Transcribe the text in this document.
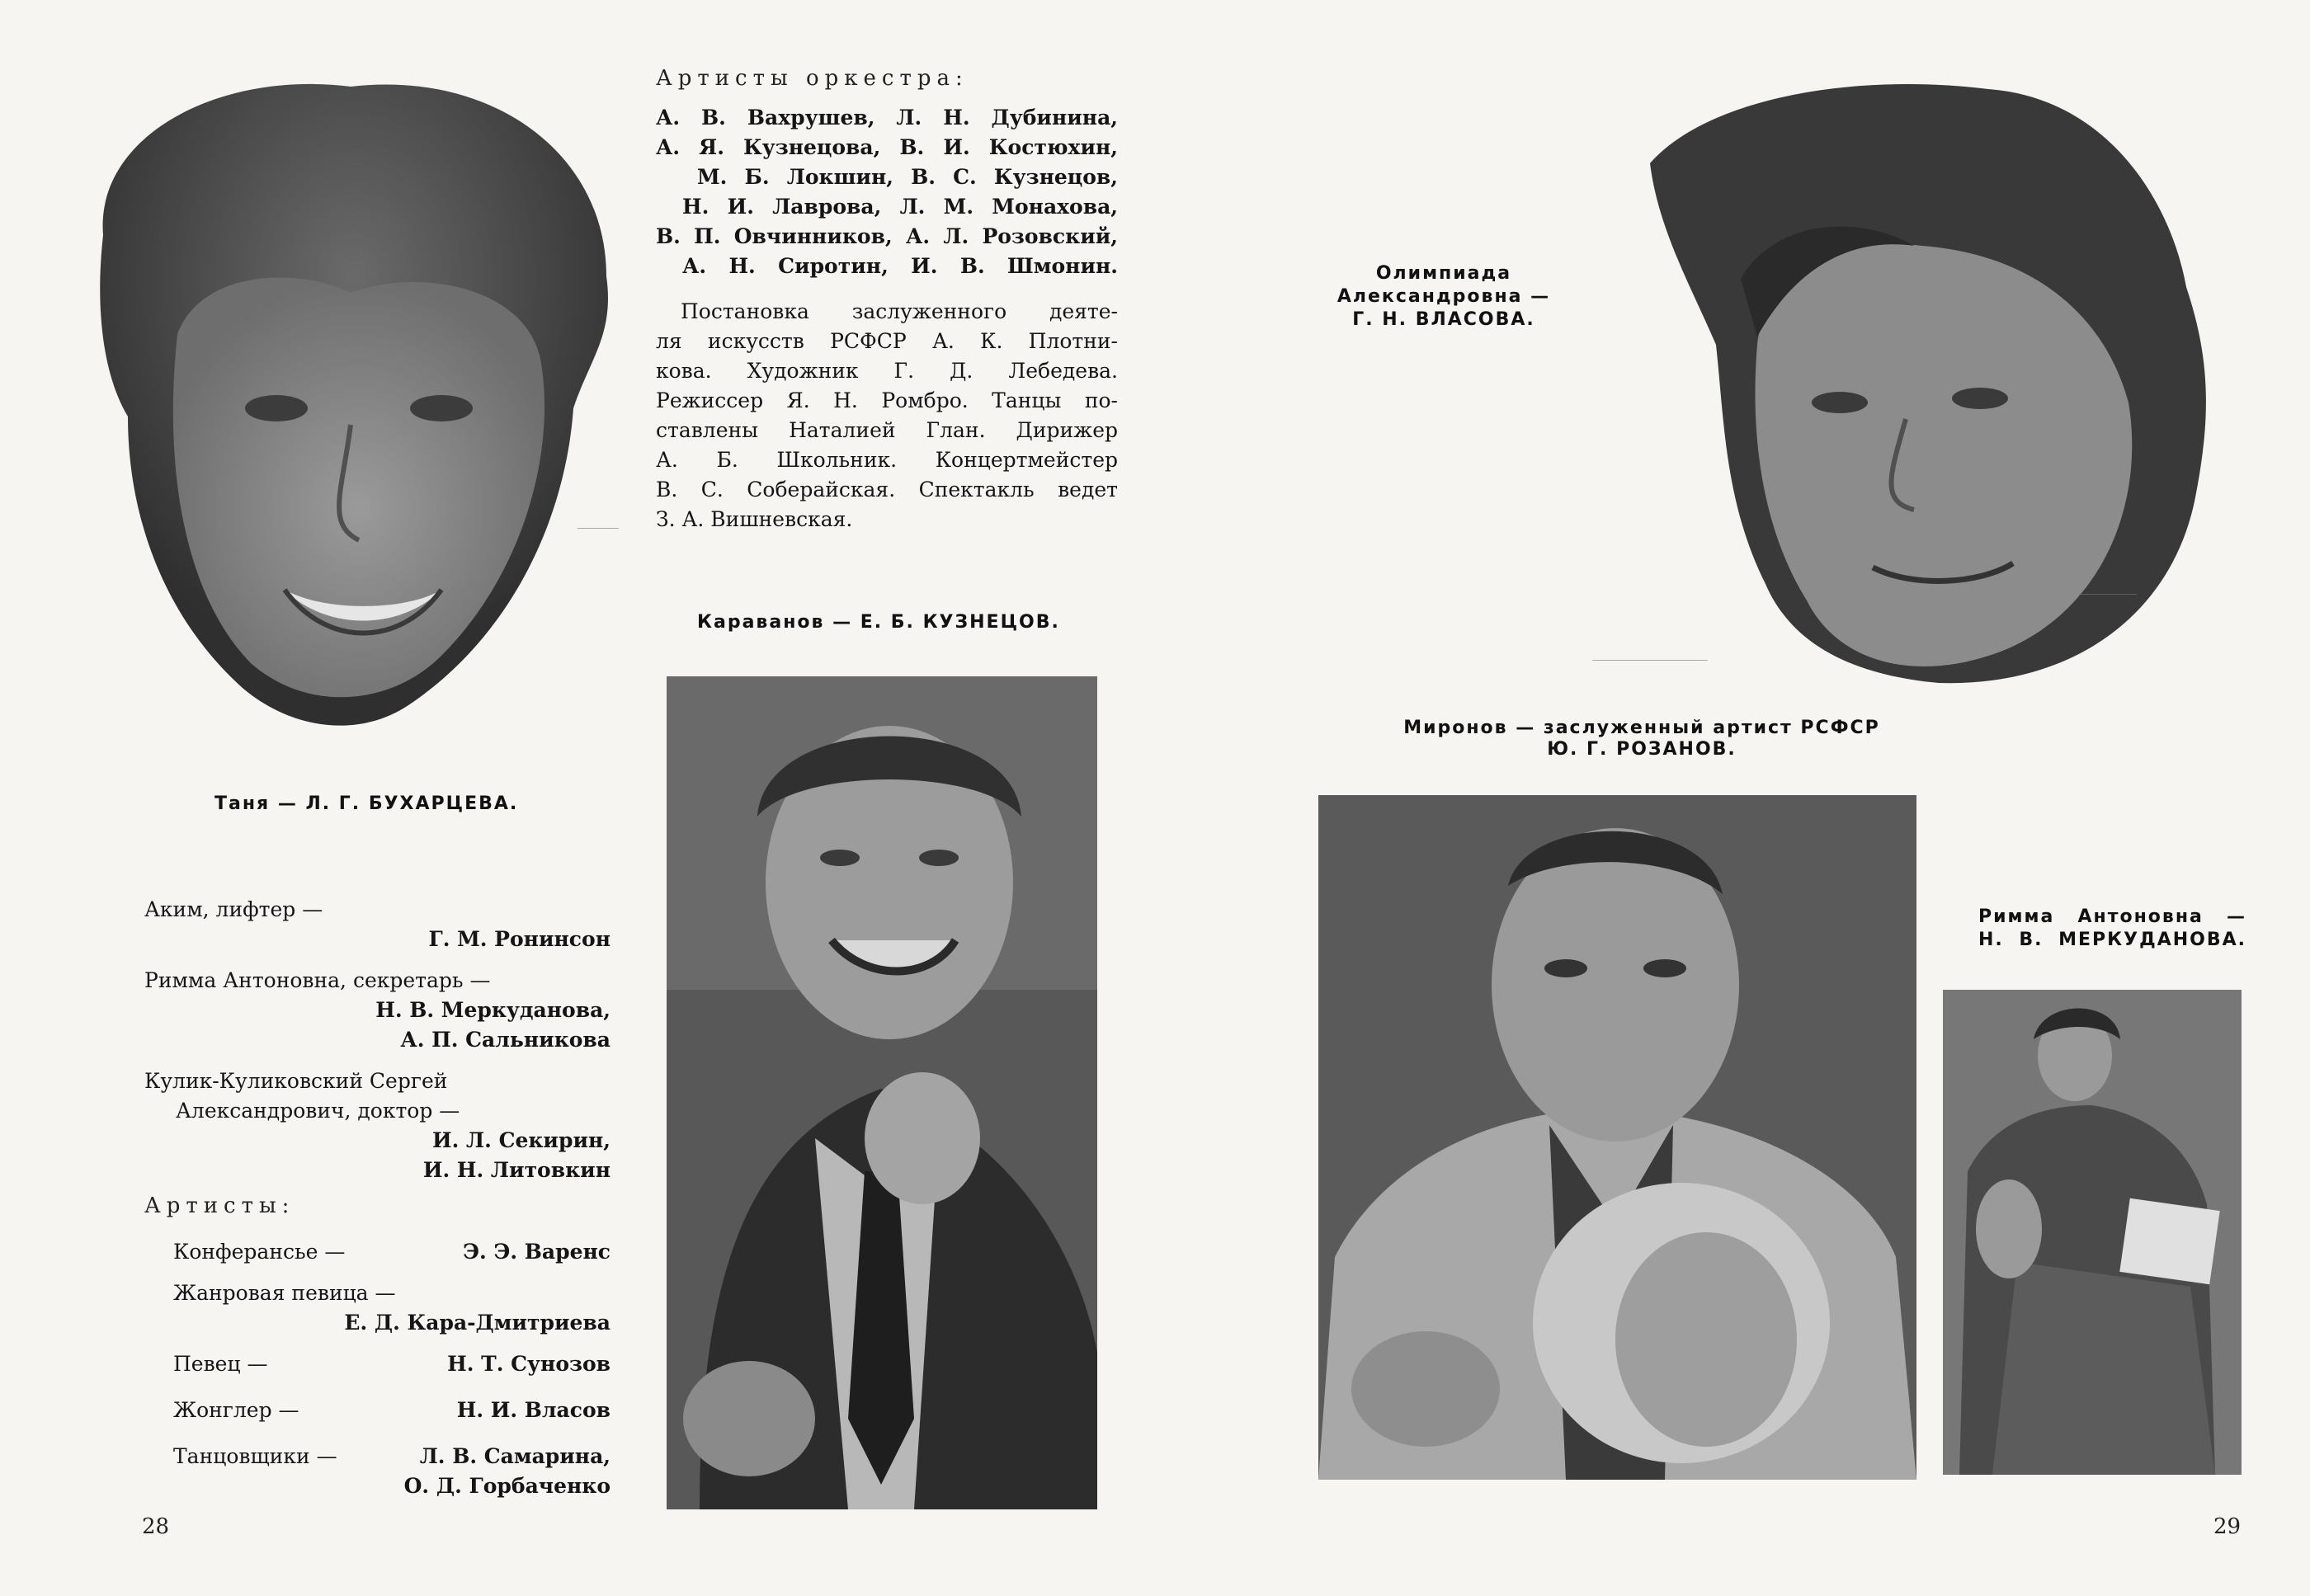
Артисты оркестра:
А. В. Вахрушев, Л. Н. Дубинина,
А. Я. Кузнецова, В. И. Костюхин,
М. Б. Локшин, В. С. Кузнецов,
Н. И. Лаврова, Л. М. Монахова,
В. П. Овчинников, А. Л. Розовский,
А. Н. Сиротин, И. В. Шмонин.
Постановка заслуженного деяте-
ля искусств РСФСР А. К. Плотни-
кова. Художник Г. Д. Лебедева.
Режиссер Я. Н. Ромбро. Танцы по-
ставлены Наталией Глан. Дирижер
А. Б. Школьник. Концертмейстер
В. С. Соберайская. Спектакль ведет
З. А. Вишневская.
Караванов — Е. Б. КУЗНЕЦОВ.
Таня — Л. Г. БУХАРЦЕВА.
Аким, лифтер —
Г. М. Ронинсон
Римма Антоновна, секретарь —
Н. В. Меркуданова,
А. П. Сальникова
Кулик-Куликовский Сергей
Александрович, доктор —
И. Л. Секирин,
И. Н. Литовкин
Артисты:
Конферансье —	Э. Э. Варенс
Жанровая певица —
Е. Д. Кара-Дмитриева
Певец —	Н. Т. Сунозов
Жонглер —	Н. И. Власов
Танцовщики —	Л. В. Самарина,
О. Д. Горбаченко
28
Олимпиада
Александровна —
Г. Н. ВЛАСОВА.
Миронов — заслуженный артист РСФСР
Ю. Г. РОЗАНОВ.
Римма Антоновна —
Н. В. МЕРКУДАНОВА.
29
